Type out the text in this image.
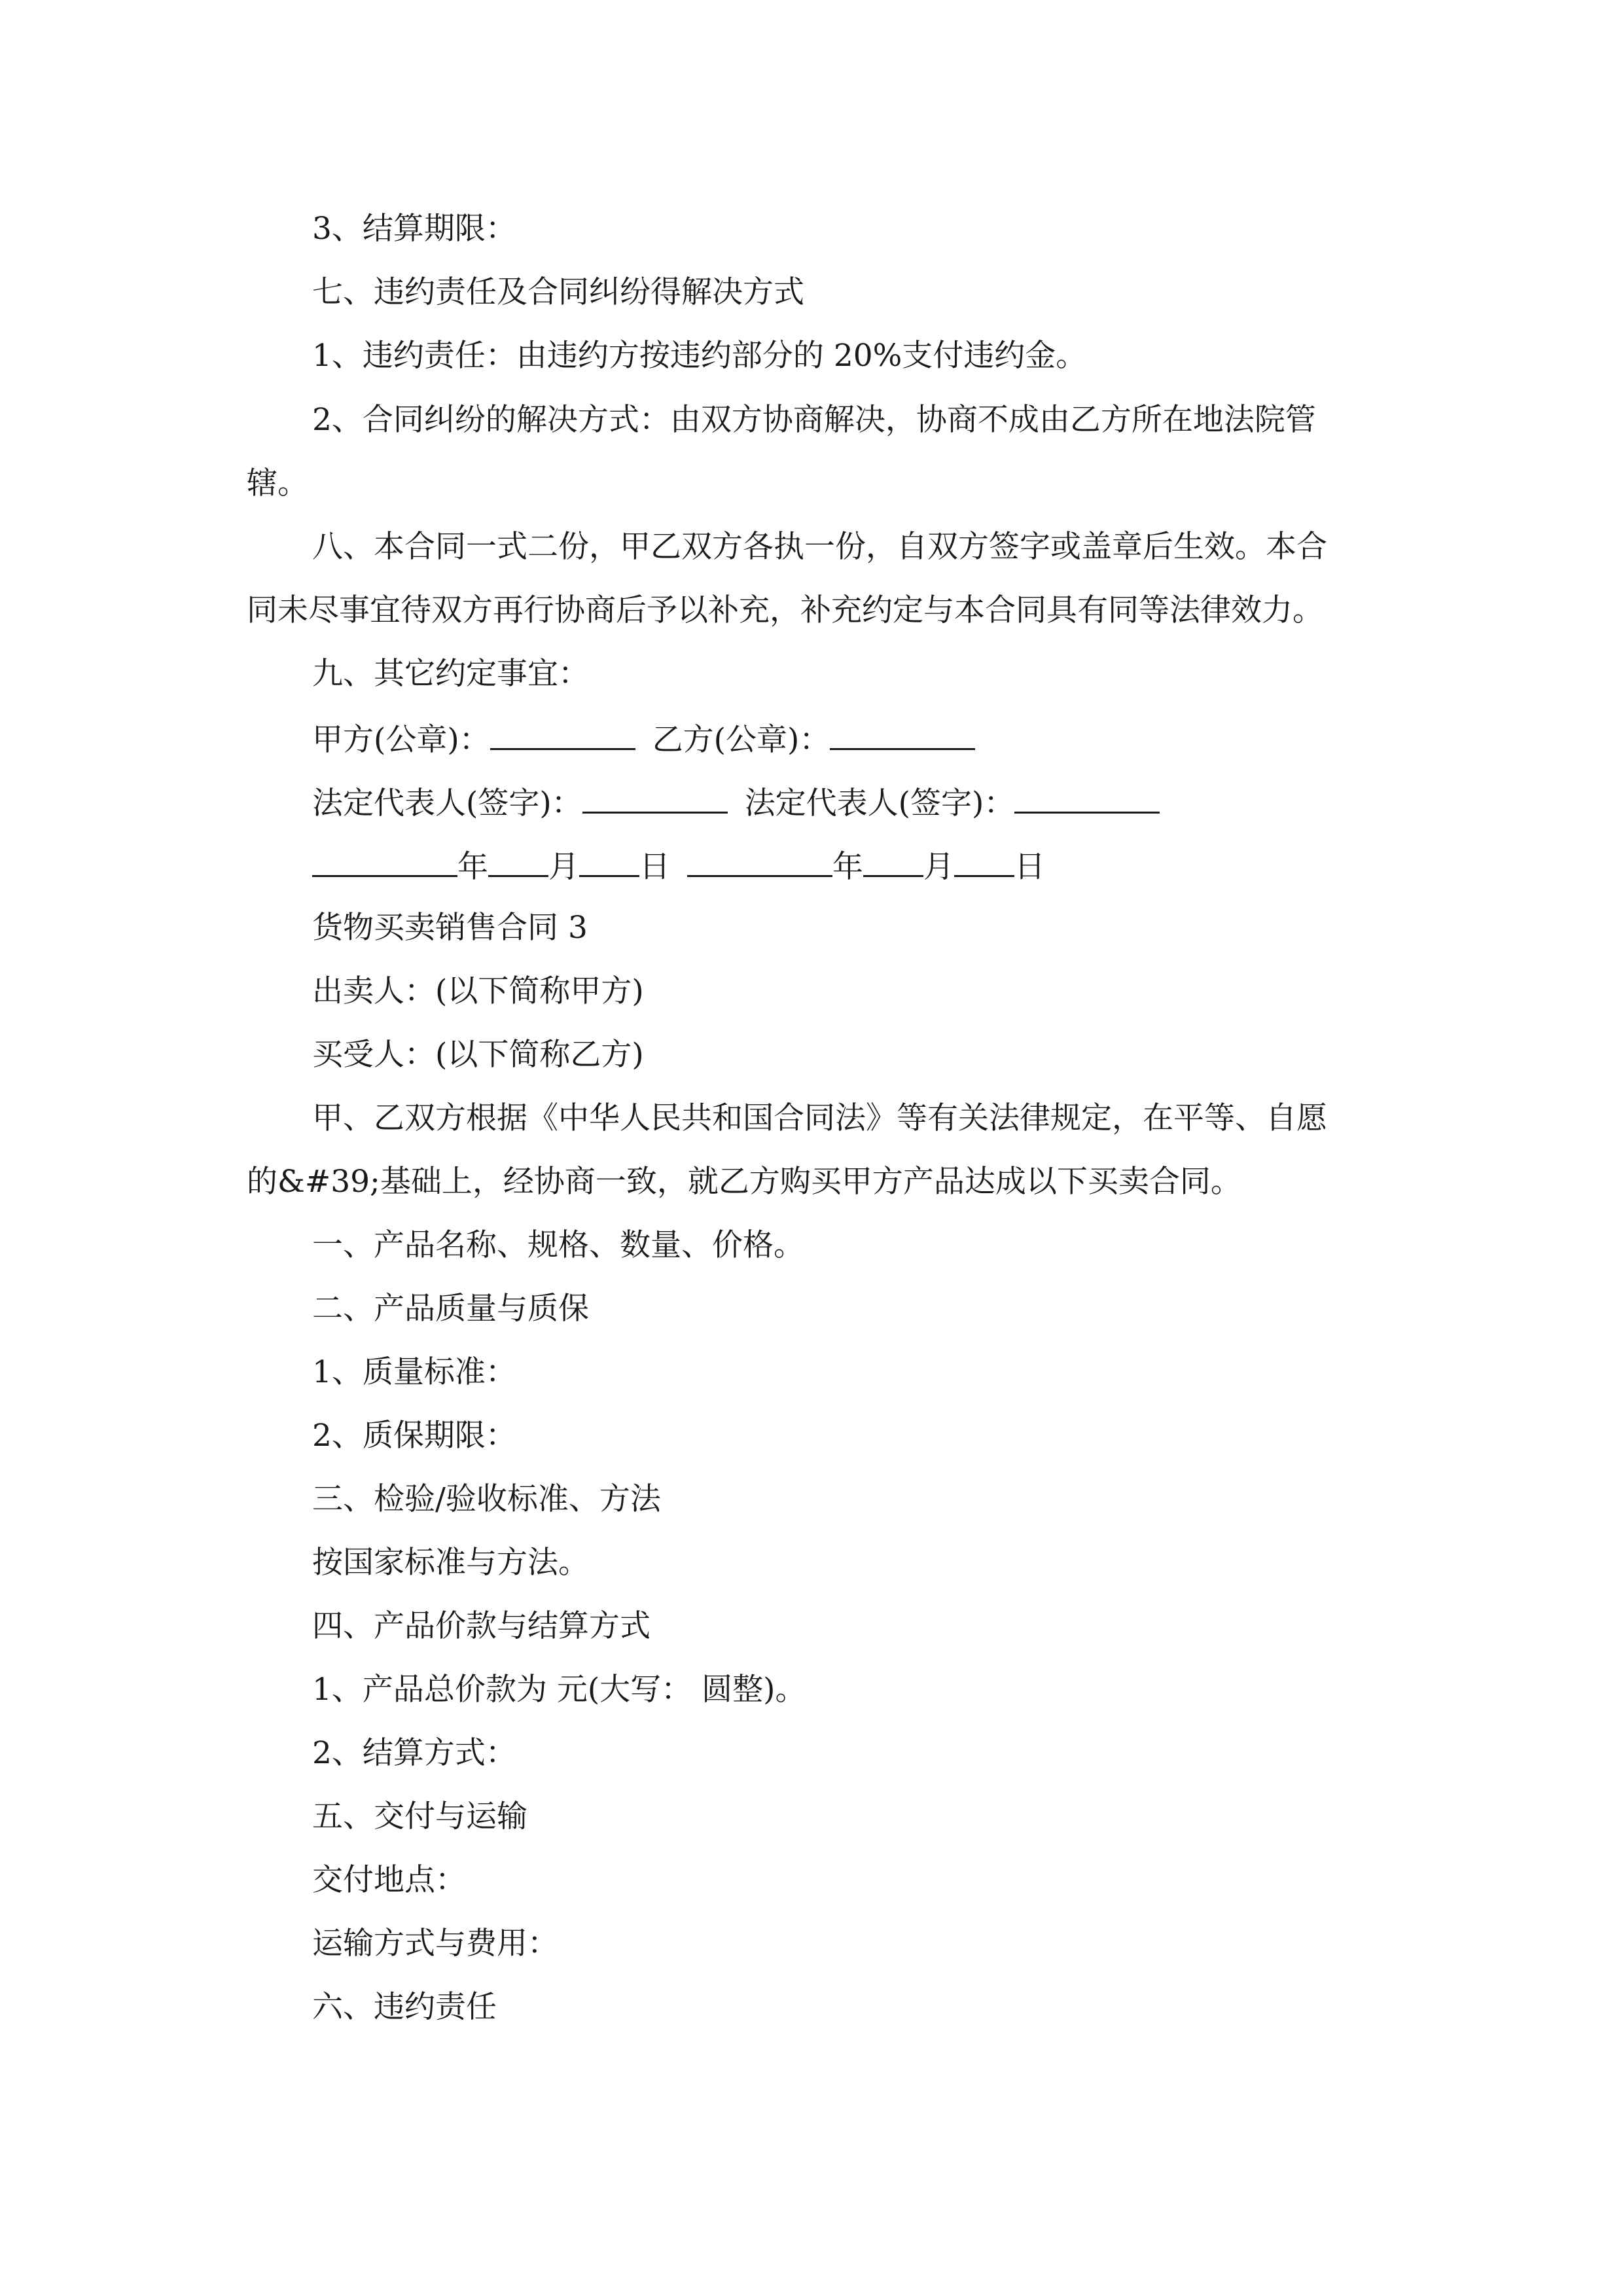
3、结算期限：
七、违约责任及合同纠纷得解决方式
1、违约责任：由违约方按违约部分的 20%支付违约金。
2、合同纠纷的解决方式：由双方协商解决，协商不成由乙方所在地法院管
辖。
八、本合同一式二份，甲乙双方各执一份，自双方签字或盖章后生效。本合
同未尽事宜待双方再行协商后予以补充，补充约定与本合同具有同等法律效力。
九、其它约定事宜：
甲方(公章)：	乙方(公章)：
法定代表人(签字)：	法定代表人(签字)：
年 月 日	年 月 日
货物买卖销售合同 3
出卖人：(以下简称甲方)
买受人：(以下简称乙方)
甲、乙双方根据《中华人民共和国合同法》等有关法律规定，在平等、自愿
的&#39;基础上，经协商一致，就乙方购买甲方产品达成以下买卖合同。
一、产品名称、规格、数量、价格。
二、产品质量与质保
1、质量标准：
2、质保期限：
三、检验/验收标准、方法
按国家标准与方法。
四、产品价款与结算方式
1、产品总价款为 元(大写： 圆整)。
2、结算方式：
五、交付与运输
交付地点：
运输方式与费用：
六、违约责任
